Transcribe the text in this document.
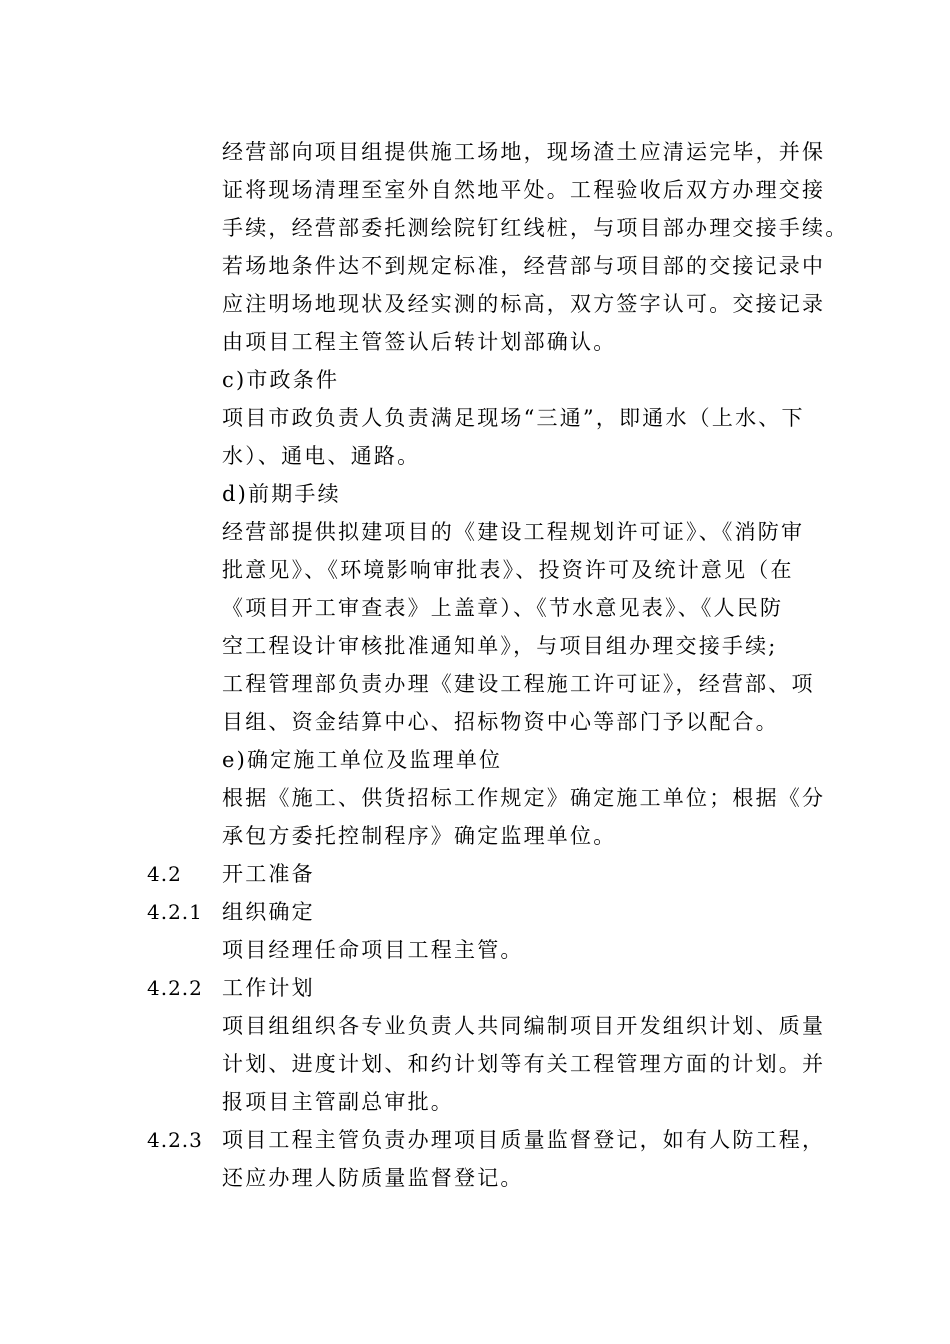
经营部向项目组提供施工场地，现场渣土应清运完毕，并保
证将现场清理至室外自然地平处。工程验收后双方办理交接
手续，经营部委托测绘院钉红线桩，与项目部办理交接手续。
若场地条件达不到规定标准，经营部与项目部的交接记录中
应注明场地现状及经实测的标高，双方签字认可。交接记录
由项目工程主管签认后转计划部确认。
c)市政条件
项目市政负责人负责满足现场“三通”，即通水（上水、下
水）、通电、通路。
d)前期手续
经营部提供拟建项目的《建设工程规划许可证》、《消防审
批意见》、《环境影响审批表》、投资许可及统计意见（在
《项目开工审查表》上盖章）、《节水意见表》、《人民防
空工程设计审核批准通知单》，与项目组办理交接手续;
工程管理部负责办理《建设工程施工许可证》，经营部、项
目组、资金结算中心、招标物资中心等部门予以配合。
e)确定施工单位及监理单位
根据《施工、供货招标工作规定》确定施工单位；根据《分
承包方委托控制程序》确定监理单位。
4.2 开工准备
4.2.1 组织确定
项目经理任命项目工程主管。
4.2.2 工作计划
项目组组织各专业负责人共同编制项目开发组织计划、质量
计划、进度计划、和约计划等有关工程管理方面的计划。并
报项目主管副总审批。
4.2.3 项目工程主管负责办理项目质量监督登记，如有人防工程，
还应办理人防质量监督登记。
